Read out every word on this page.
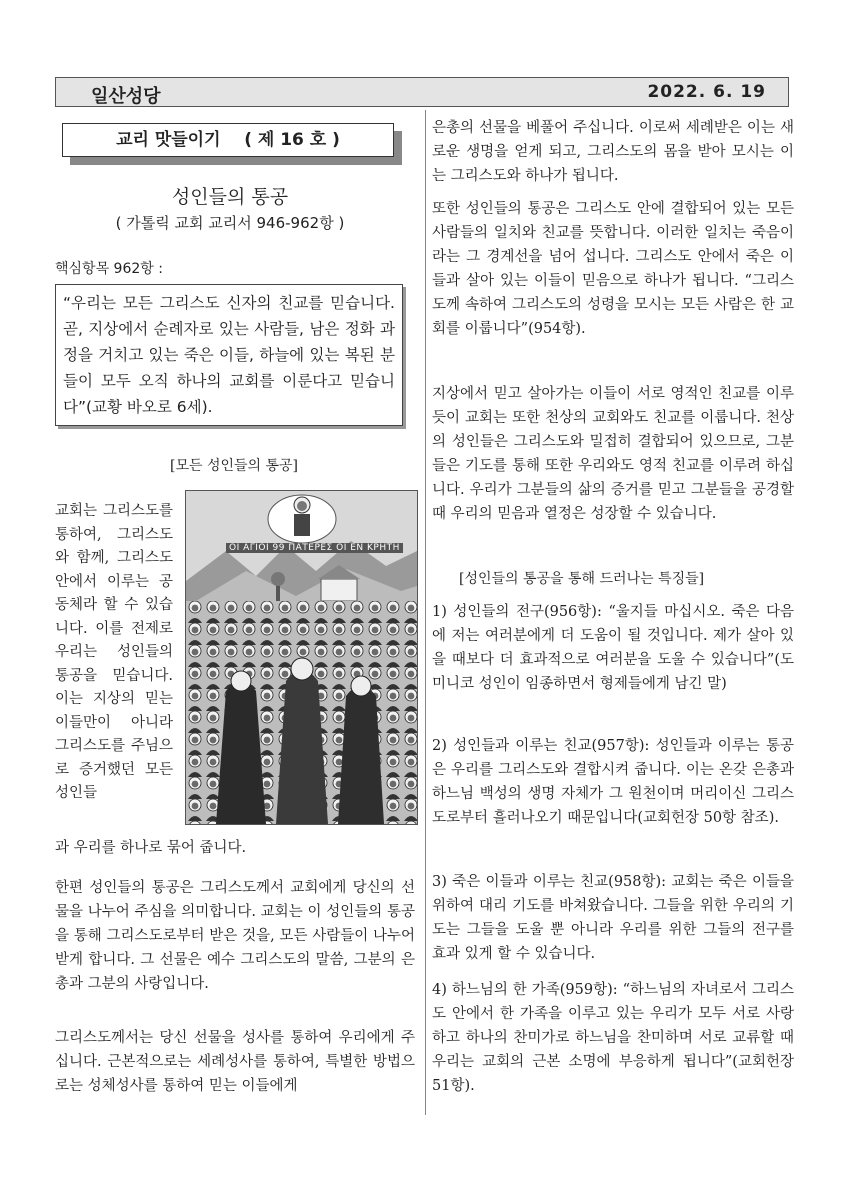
일산성당	2022. 6. 19
교리 맛들이기    ( 제 16 호 )
성인들의 통공
( 가톨릭 교회 교리서 946-962항 )
핵심항목 962항 :
“우리는 모든 그리스도 신자의 친교를 믿습니다. 곧, 지상에서 순례자로 있는 사람들, 남은 정화 과정을 거치고 있는 죽은 이들, 하늘에 있는 복된 분들이 모두 오직 하나의 교회를 이룬다고 믿습니다”(교황 바오로 6세).
[모든 성인들의 통공]

교회는 그리스도를 통하여, 그리스도와 함께, 그리스도 안에서 이루는 공동체라 할 수 있습니다. 이를 전제로 우리는 성인들의 통공을 믿습니다. 이는 지상의 믿는이들만이 아니라 그리스도를 주님으로 증거했던 모든 성인들

ΟΙ ΑΓΙΟΙ 99 ΠΑΤΕΡΕΣ ΟΙ ΕΝ ΚΡΗΤΗ

과 우리를 하나로 묶어 줍니다.

한편 성인들의 통공은 그리스도께서 교회에게 당신의 선물을 나누어 주심을 의미합니다. 교회는 이 성인들의 통공을 통해 그리스도로부터 받은 것을, 모든 사람들이 나누어 받게 합니다. 그 선물은 예수 그리스도의 말씀, 그분의 은총과 그분의 사랑입니다.

그리스도께서는 당신 선물을 성사를 통하여 우리에게 주십니다. 근본적으로는 세례성사를 통하여, 특별한 방법으로는 성체성사를 통하여 믿는 이들에게

은총의 선물을 베풀어 주십니다. 이로써 세례받은 이는 새로운 생명을 얻게 되고, 그리스도의 몸을 받아 모시는 이는 그리스도와 하나가 됩니다.

또한 성인들의 통공은 그리스도 안에 결합되어 있는 모든 사람들의 일치와 친교를 뜻합니다. 이러한 일치는 죽음이라는 그 경계선을 넘어 섭니다. 그리스도 안에서 죽은 이들과 살아 있는 이들이 믿음으로 하나가 됩니다. “그리스도께 속하여 그리스도의 성령을 모시는 모든 사람은 한 교회를 이룹니다”(954항).

지상에서 믿고 살아가는 이들이 서로 영적인 친교를 이루듯이 교회는 또한 천상의 교회와도 친교를 이룹니다. 천상의 성인들은 그리스도와 밀접히 결합되어 있으므로, 그분들은 기도를 통해 또한 우리와도 영적 친교를 이루려 하십니다. 우리가 그분들의 삶의 증거를 믿고 그분들을 공경할 때 우리의 믿음과 열정은 성장할 수 있습니다.

[성인들의 통공을 통해 드러나는 특징들]

1) 성인들의 전구(956항): “울지들 마십시오. 죽은 다음에 저는 여러분에게 더 도움이 될 것입니다. 제가 살아 있을 때보다 더 효과적으로 여러분을 도울 수 있습니다”(도미니코 성인이 임종하면서 형제들에게 남긴 말)

2) 성인들과 이루는 친교(957항): 성인들과 이루는 통공은 우리를 그리스도와 결합시켜 줍니다. 이는 온갖 은총과 하느님 백성의 생명 자체가 그 원천이며 머리이신 그리스도로부터 흘러나오기 때문입니다(교회헌장 50항 참조).

3) 죽은 이들과 이루는 친교(958항): 교회는 죽은 이들을 위하여 대리 기도를 바쳐왔습니다. 그들을 위한 우리의 기도는 그들을 도울 뿐 아니라 우리를 위한 그들의 전구를 효과 있게 할 수 있습니다.

4) 하느님의 한 가족(959항): “하느님의 자녀로서 그리스도 안에서 한 가족을 이루고 있는 우리가 모두 서로 사랑하고 하나의 찬미가로 하느님을 찬미하며 서로 교류할 때 우리는 교회의 근본 소명에 부응하게 됩니다”(교회헌장 51항).
